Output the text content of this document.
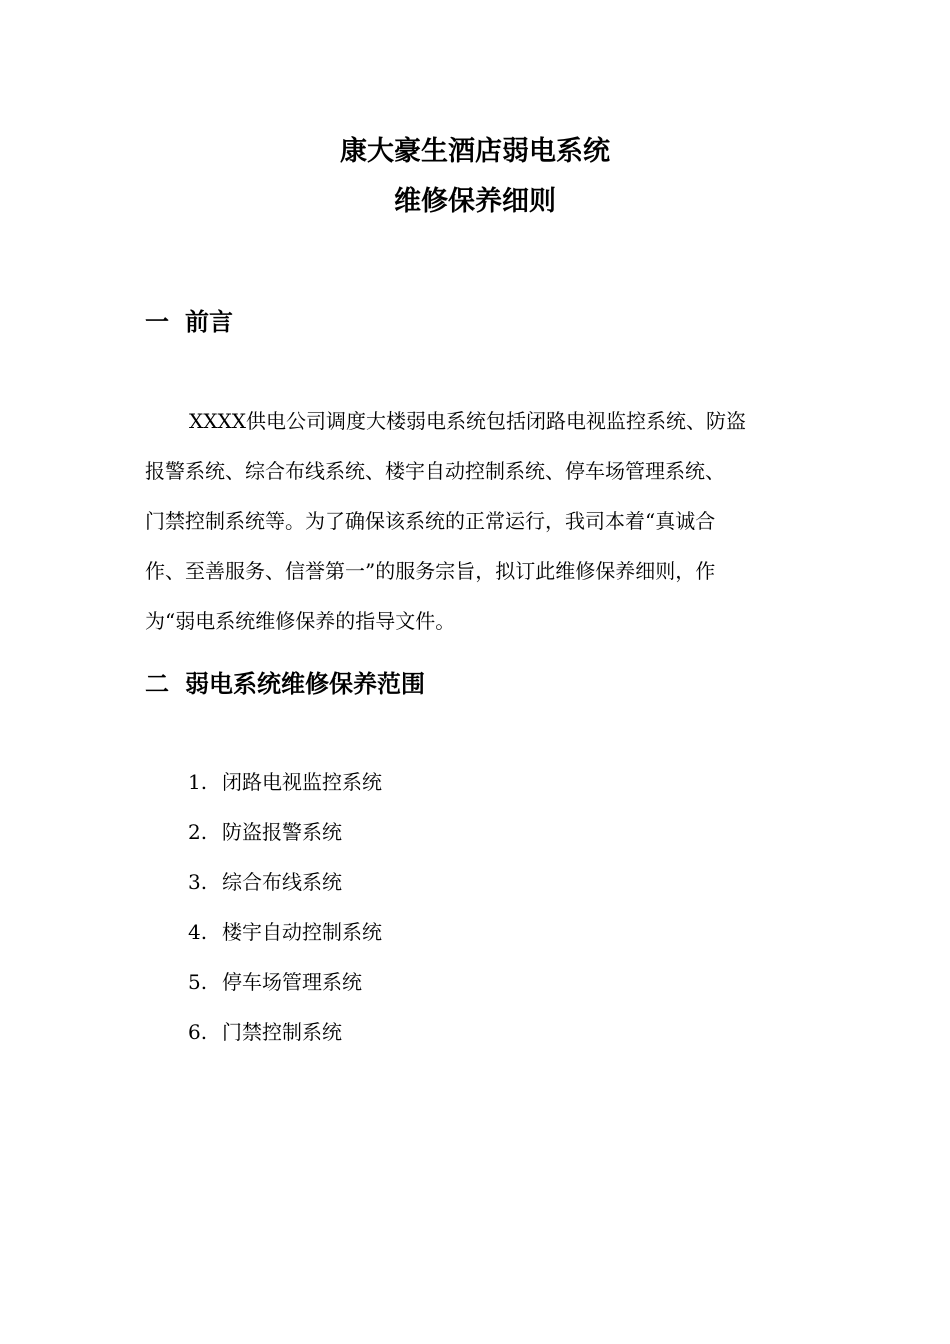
康大豪生酒店弱电系统
维修保养细则
一 前言

XXXX供电公司调度大楼弱电系统包括闭路电视监控系统、防盗
报警系统、综合布线系统、楼宇自动控制系统、停车场管理系统、
门禁控制系统等。为了确保该系统的正常运行，我司本着“真诚合
作、至善服务、信誉第一”的服务宗旨，拟订此维修保养细则，作
为“弱电系统维修保养的指导文件。

二 弱电系统维修保养范围
1. 闭路电视监控系统
2. 防盗报警系统
3. 综合布线系统
4. 楼宇自动控制系统
5. 停车场管理系统
6. 门禁控制系统
